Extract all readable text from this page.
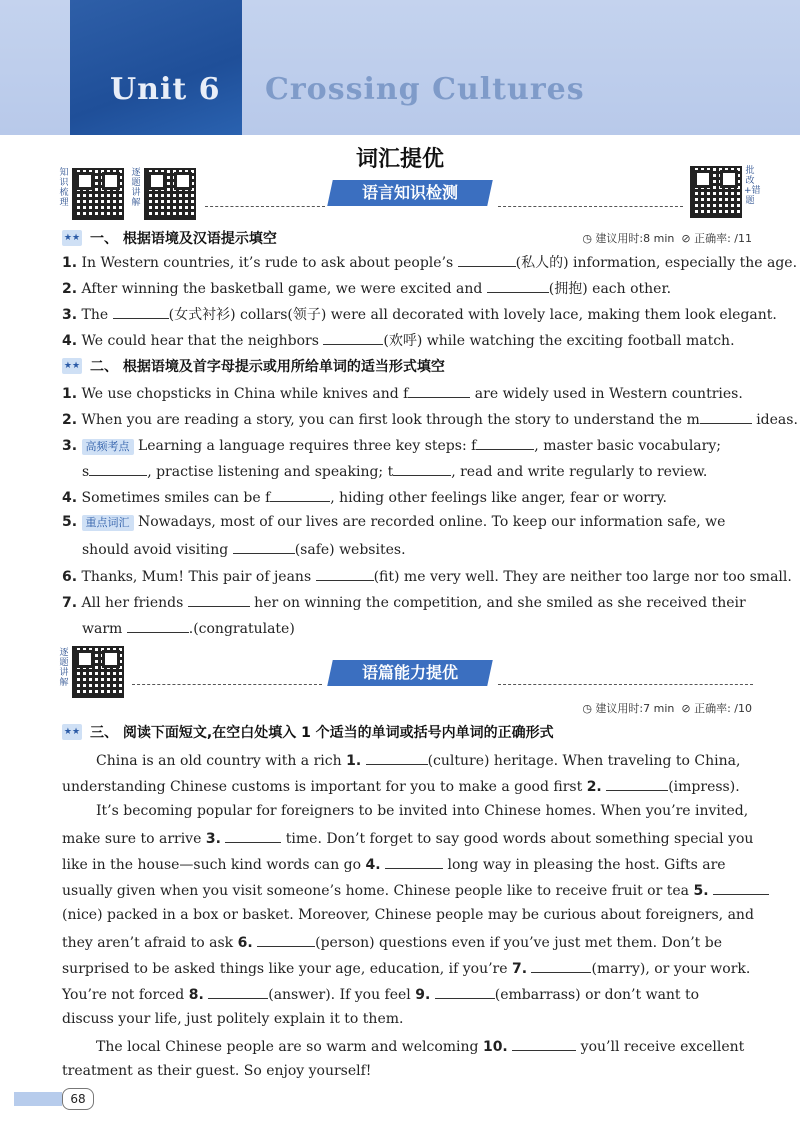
Unit 6 Crossing Cultures
词汇提优
知识梳理
逐题讲解
批改+错题
语言知识检测
★★ 一、 根据语境及汉语提示填空	◷ 建议用时:8 min  ⊘ 正确率: /11
1. In Western countries, it’s rude to ask about people’s	(私人的) information, especially the age.
2. After winning the basketball game, we were excited and	(拥抱) each other.
3. The	(女式衬衫) collars(领子) were all decorated with lovely lace, making them look elegant.
4. We could hear that the neighbors	(欢呼) while watching the exciting football match.
★★ 二、 根据语境及首字母提示或用所给单词的适当形式填空
1. We use chopsticks in China while knives and f	are widely used in Western countries.
2. When you are reading a story, you can first look through the story to understand the m	ideas.
3. 高频考点 Learning a language requires three key steps: f	, master basic vocabulary;
s	, practise listening and speaking; t	, read and write regularly to review.
4. Sometimes smiles can be f	, hiding other feelings like anger, fear or worry.
5. 重点词汇 Nowadays, most of our lives are recorded online. To keep our information safe, we
should avoid visiting	(safe) websites.
6. Thanks, Mum! This pair of jeans	(fit) me very well. They are neither too large nor too small.
7. All her friends	her on winning the competition, and she smiled as she received their
warm	.(congratulate)
逐题讲解
语篇能力提优
◷ 建议用时:7 min  ⊘ 正确率: /10
★★ 三、 阅读下面短文,在空白处填入 1 个适当的单词或括号内单词的正确形式
China is an old country with a rich 1.	(culture) heritage. When traveling to China,
understanding Chinese customs is important for you to make a good first 2.	(impress).
It’s becoming popular for foreigners to be invited into Chinese homes. When you’re invited,
make sure to arrive 3.	time. Don’t forget to say good words about something special you
like in the house—such kind words can go 4.	long way in pleasing the host. Gifts are
usually given when you visit someone’s home. Chinese people like to receive fruit or tea 5.
(nice) packed in a box or basket. Moreover, Chinese people may be curious about foreigners, and
they aren’t afraid to ask 6.	(person) questions even if you’ve just met them. Don’t be
surprised to be asked things like your age, education, if you’re 7.	(marry), or your work.
You’re not forced 8.	(answer). If you feel 9.	(embarrass) or don’t want to
discuss your life, just politely explain it to them.
The local Chinese people are so warm and welcoming 10.	you’ll receive excellent
treatment as their guest. So enjoy yourself!
68
